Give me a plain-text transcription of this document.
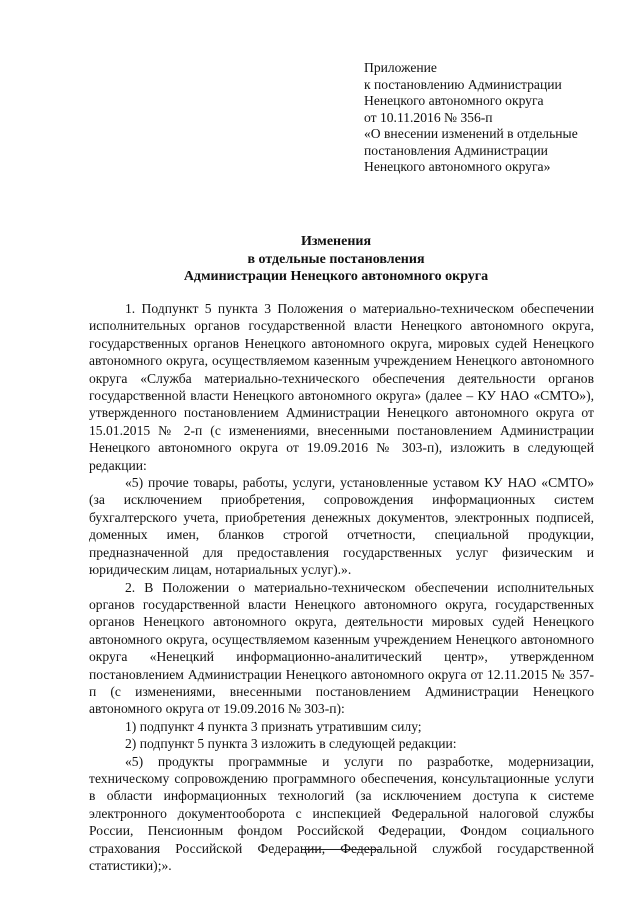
Приложение
к постановлению Администрации
Ненецкого автономного округа
от 10.11.2016 № 356-п
«О внесении изменений в отдельные
постановления Администрации
Ненецкого автономного округа»
Изменения
в отдельные постановления
Администрации Ненецкого автономного округа

1. Подпункт 5 пункта 3 Положения о материально-техническом обеспечении исполнительных органов государственной власти Ненецкого автономного округа, государственных органов Ненецкого автономного округа, мировых судей Ненецкого автономного округа, осуществляемом казенным учреждением Ненецкого автономного округа «Служба материально-технического обеспечения деятельности органов государственной власти Ненецкого автономного округа» (далее – КУ НАО «СМТО»), утвержденного постановлением Администрации Ненецкого автономного округа от 15.01.2015 № 2-п (с изменениями, внесенными постановлением Администрации Ненецкого автономного округа от 19.09.2016 № 303-п), изложить в следующей редакции:

«5) прочие товары, работы, услуги, установленные уставом КУ НАО «СМТО» (за исключением приобретения, сопровождения информационных систем бухгалтерского учета, приобретения денежных документов, электронных подписей, доменных имен, бланков строгой отчетности, специальной продукции, предназначенной для предоставления государственных услуг физическим и юридическим лицам, нотариальных услуг).».

2. В Положении о материально-техническом обеспечении исполнительных органов государственной власти Ненецкого автономного округа, государственных органов Ненецкого автономного округа, деятельности мировых судей Ненецкого автономного округа, осуществляемом казенным учреждением Ненецкого автономного округа «Ненецкий информационно-аналитический центр», утвержденном постановлением Администрации Ненецкого автономного округа от 12.11.2015 № 357-п (с изменениями, внесенными постановлением Администрации Ненецкого автономного округа от 19.09.2016 № 303-п):

1) подпункт 4 пункта 3 признать утратившим силу;

2) подпункт 5 пункта 3 изложить в следующей редакции:

«5) продукты программные и услуги по разработке, модернизации, техническому сопровождению программного обеспечения, консультационные услуги в области информационных технологий (за исключением доступа к системе электронного документооборота с инспекцией Федеральной налоговой службы России, Пенсионным фондом Российской Федерации, Фондом социального страхования Российской Федерации, Федеральной службой государственной статистики);».
